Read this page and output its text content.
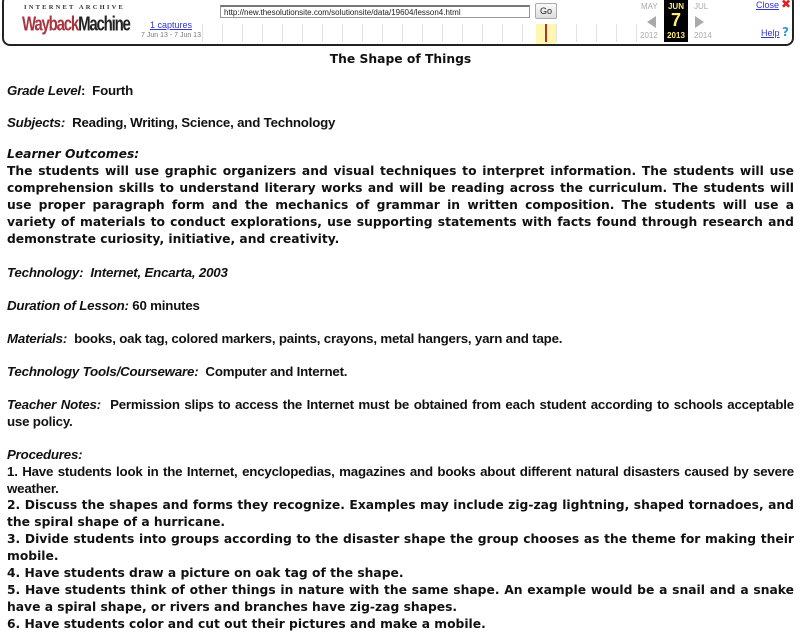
INTERNET ARCHIVE
WaybackMachine	1 captures
7 Jun 13 - 7 Jun 13
http://new.thesolutionsite.com/solutionsite/data/19604/lesson4.html	Go	MAY	JUL
2012	2014
JUN
7
2013
Close ✖
Help ?

The Shape of Things

Grade Level:  Fourth

Subjects: Reading, Writing, Science, and Technology

Learner Outcomes:

The students will use graphic organizers and visual techniques to interpret information. The students will use comprehension skills to understand literary works and will be reading across the curriculum. The students will use proper paragraph form and the mechanics of grammar in written composition. The students will use a variety of materials to conduct explorations, use supporting statements with facts found through research and demonstrate curiosity, initiative, and creativity.

Technology: Internet, Encarta, 2003

Duration of Lesson: 60 minutes

Materials: books, oak tag, colored markers, paints, crayons, metal hangers, yarn and tape.

Technology Tools/Courseware: Computer and Internet.

Teacher Notes: Permission slips to access the Internet must be obtained from each student according to schools acceptable use policy.

Procedures:

1. Have students look in the Internet, encyclopedias, magazines and books about different natural disasters caused by severe weather.

2. Discuss the shapes and forms they recognize. Examples may include zig-zag lightning, shaped tornadoes, and the spiral shape of a hurricane.

3. Divide students into groups according to the disaster shape the group chooses as the theme for making their mobile.

4. Have students draw a picture on oak tag of the shape.

5. Have students think of other things in nature with the same shape. An example would be a snail and a snake have a spiral shape, or rivers and branches have zig-zag shapes.

6. Have students color and cut out their pictures and make a mobile.
